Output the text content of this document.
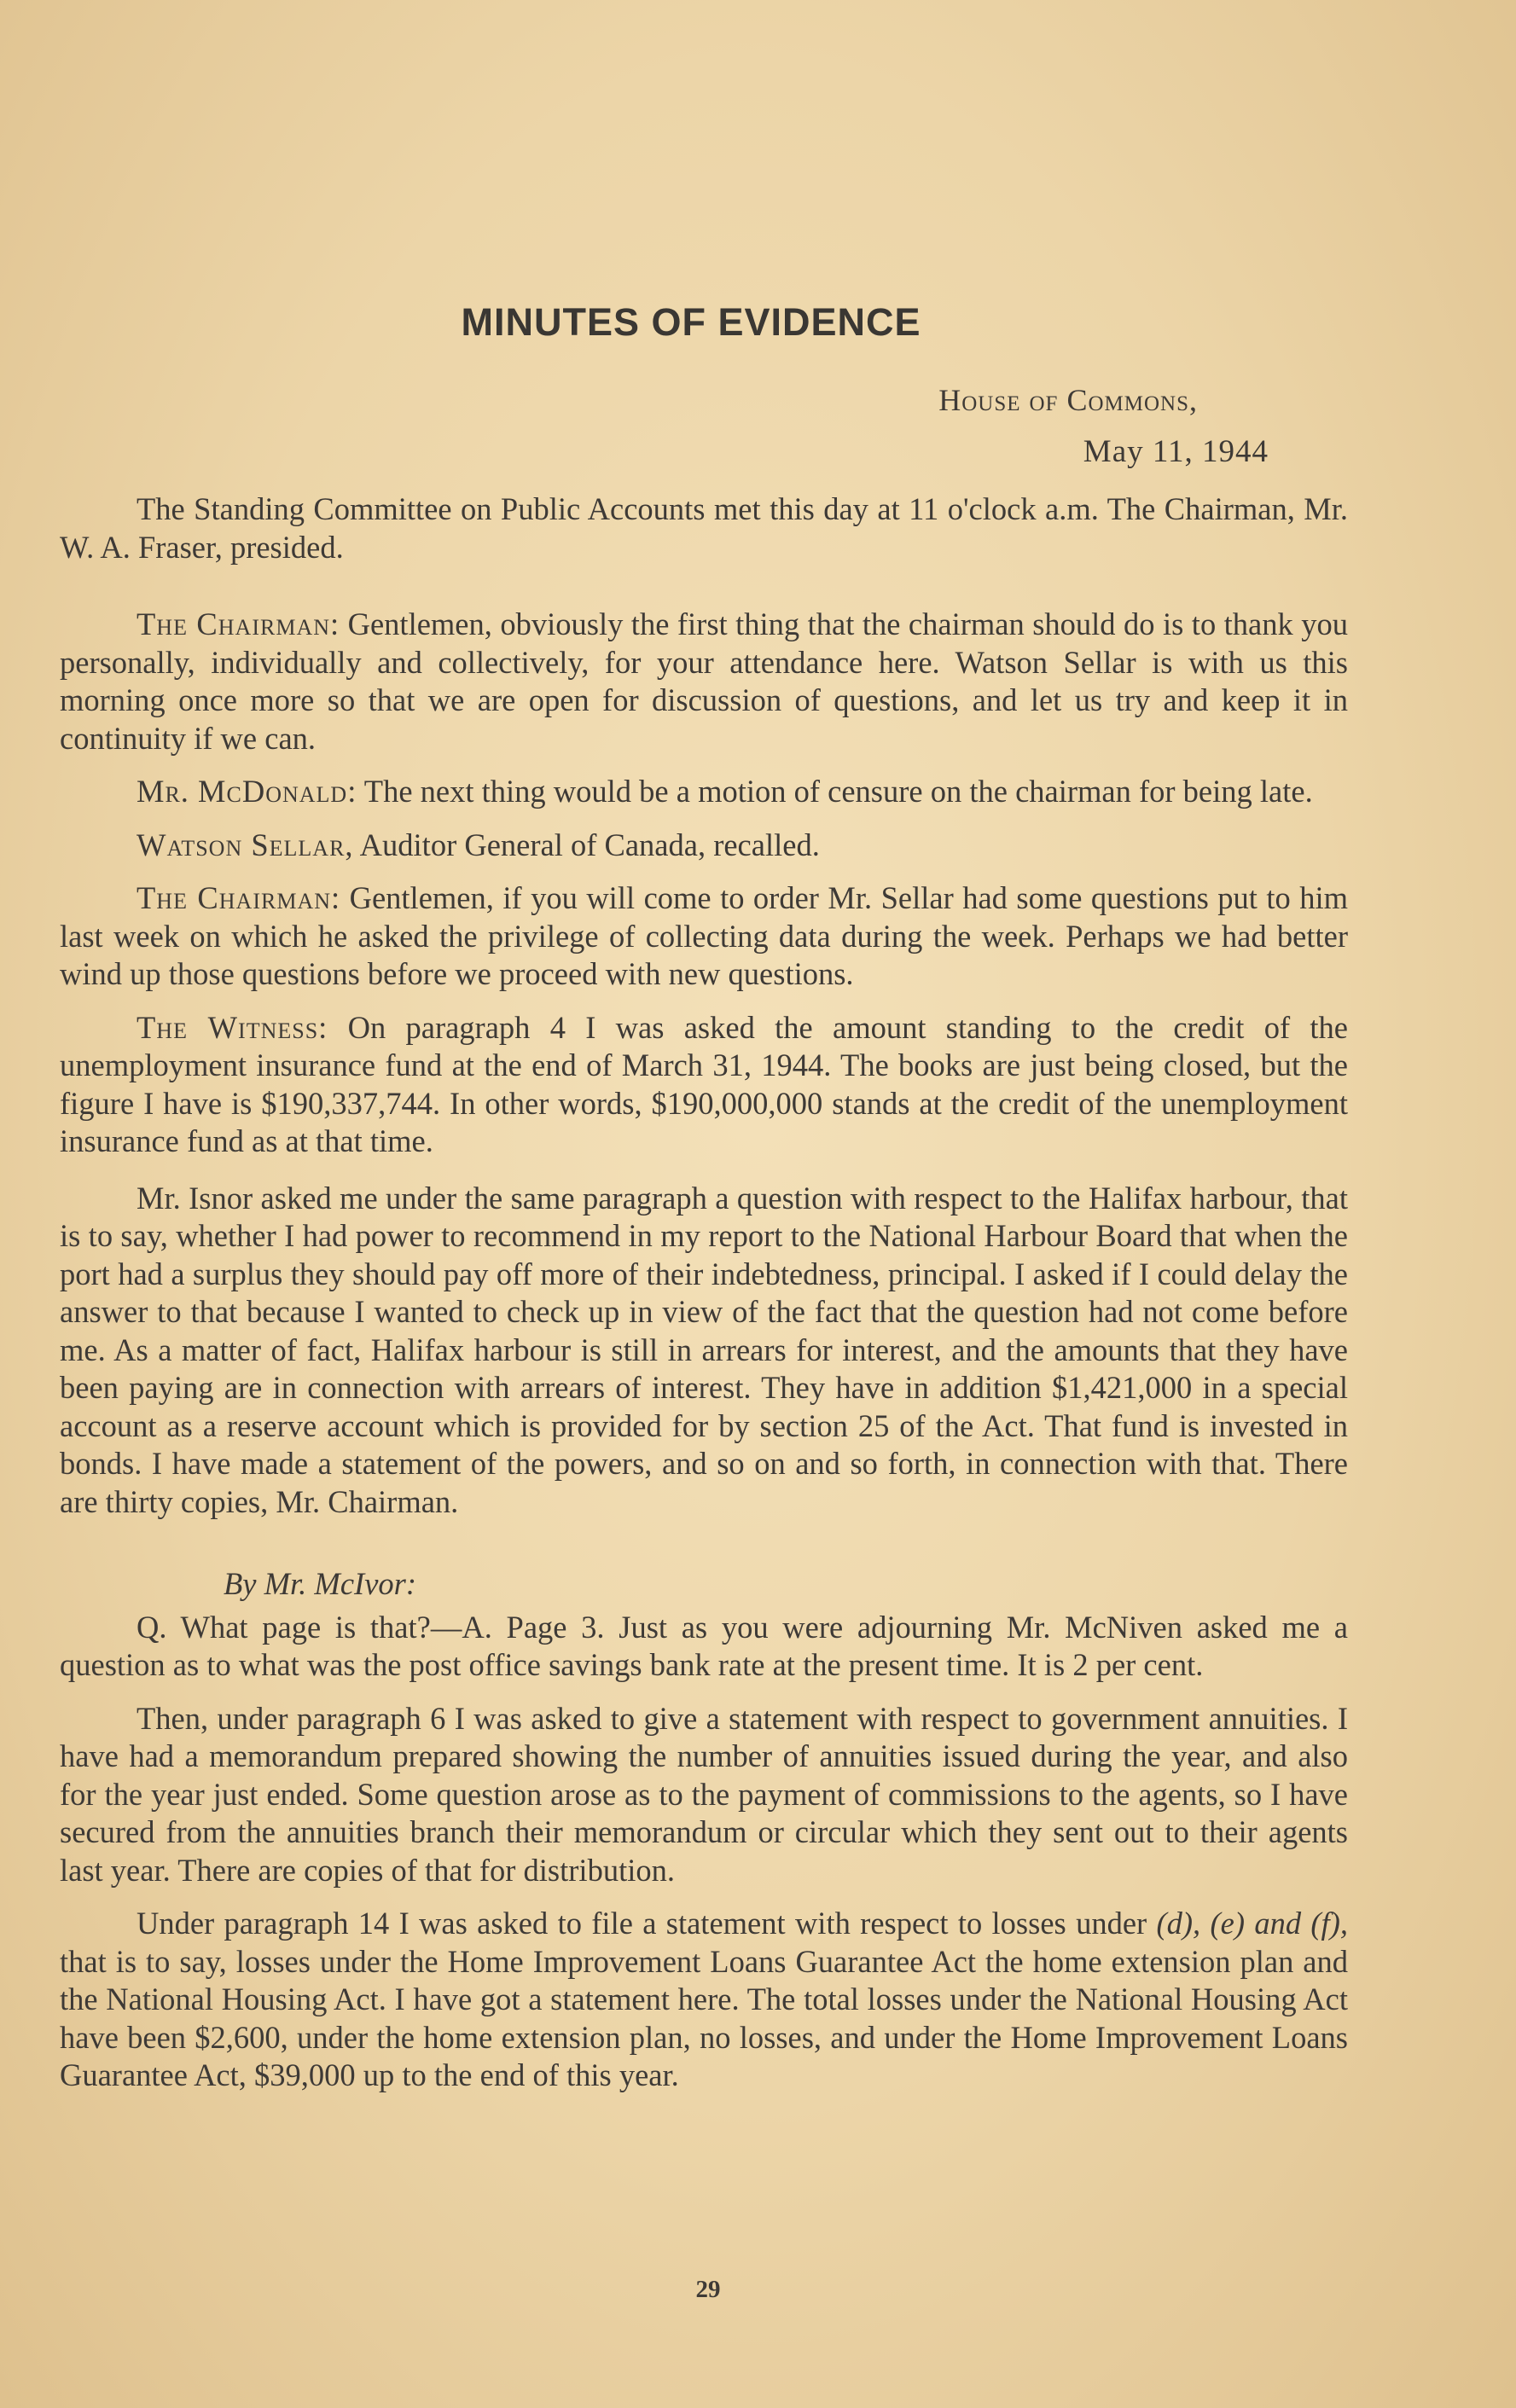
MINUTES OF EVIDENCE
House of Commons,
May 11, 1944

The Standing Committee on Public Accounts met this day at 11 o'clock a.m. The Chairman, Mr. W. A. Fraser, presided.

The Chairman: Gentlemen, obviously the first thing that the chairman should do is to thank you personally, individually and collectively, for your attendance here. Watson Sellar is with us this morning once more so that we are open for discussion of questions, and let us try and keep it in continuity if we can.

Mr. McDonald: The next thing would be a motion of censure on the chairman for being late.

Watson Sellar, Auditor General of Canada, recalled.

The Chairman: Gentlemen, if you will come to order Mr. Sellar had some questions put to him last week on which he asked the privilege of collecting data during the week. Perhaps we had better wind up those questions before we proceed with new questions.

The Witness: On paragraph 4 I was asked the amount standing to the credit of the unemployment insurance fund at the end of March 31, 1944. The books are just being closed, but the figure I have is $190,337,744. In other words, $190,000,000 stands at the credit of the unemployment insurance fund as at that time.

Mr. Isnor asked me under the same paragraph a question with respect to the Halifax harbour, that is to say, whether I had power to recommend in my report to the National Harbour Board that when the port had a surplus they should pay off more of their indebtedness, principal. I asked if I could delay the answer to that because I wanted to check up in view of the fact that the question had not come before me. As a matter of fact, Halifax harbour is still in arrears for interest, and the amounts that they have been paying are in connection with arrears of interest. They have in addition $1,421,000 in a special account as a reserve account which is provided for by section 25 of the Act. That fund is invested in bonds. I have made a statement of the powers, and so on and so forth, in connection with that. There are thirty copies, Mr. Chairman.

By Mr. McIvor:

Q. What page is that?—A. Page 3. Just as you were adjourning Mr. McNiven asked me a question as to what was the post office savings bank rate at the present time. It is 2 per cent.

Then, under paragraph 6 I was asked to give a statement with respect to government annuities. I have had a memorandum prepared showing the number of annuities issued during the year, and also for the year just ended. Some question arose as to the payment of commissions to the agents, so I have secured from the annuities branch their memorandum or circular which they sent out to their agents last year. There are copies of that for distribution.

Under paragraph 14 I was asked to file a statement with respect to losses under (d), (e) and (f), that is to say, losses under the Home Improvement Loans Guarantee Act the home extension plan and the National Housing Act. I have got a statement here. The total losses under the National Housing Act have been $2,600, under the home extension plan, no losses, and under the Home Improvement Loans Guarantee Act, $39,000 up to the end of this year.

29
